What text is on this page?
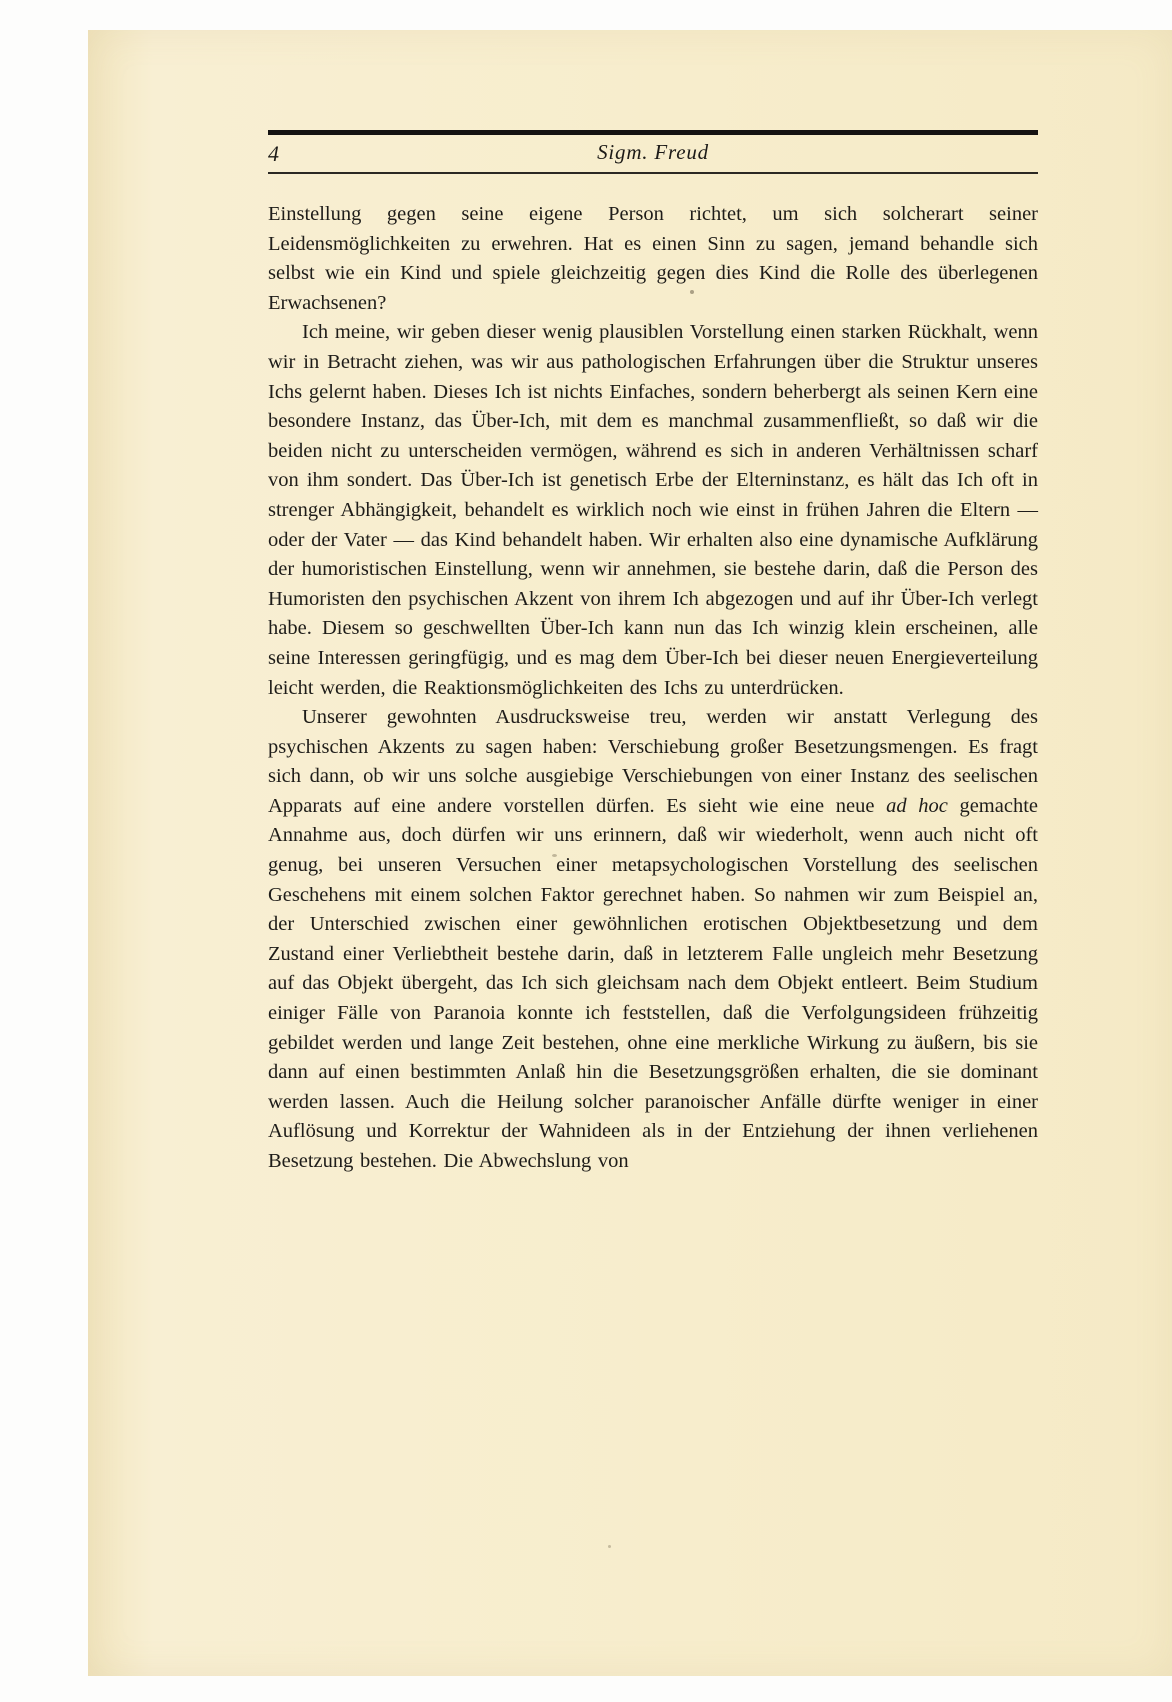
4	Sigm. Freud

Einstellung gegen seine eigene Person richtet, um sich solcherart seiner Leidensmöglichkeiten zu erwehren. Hat es einen Sinn zu sagen, jemand behandle sich selbst wie ein Kind und spiele gleichzeitig gegen dies Kind die Rolle des überlegenen Erwachsenen?

Ich meine, wir geben dieser wenig plausiblen Vorstellung einen starken Rückhalt, wenn wir in Betracht ziehen, was wir aus pathologischen Erfahrungen über die Struktur unseres Ichs gelernt haben. Dieses Ich ist nichts Einfaches, sondern beherbergt als seinen Kern eine besondere Instanz, das Über-Ich, mit dem es manchmal zusammenfließt, so daß wir die beiden nicht zu unterscheiden vermögen, während es sich in anderen Verhältnissen scharf von ihm sondert. Das Über-Ich ist genetisch Erbe der Elterninstanz, es hält das Ich oft in strenger Abhängigkeit, behandelt es wirklich noch wie einst in frühen Jahren die Eltern — oder der Vater — das Kind behandelt haben. Wir erhalten also eine dynamische Aufklärung der humoristischen Einstellung, wenn wir annehmen, sie bestehe darin, daß die Person des Humoristen den psychischen Akzent von ihrem Ich abgezogen und auf ihr Über-Ich verlegt habe. Diesem so geschwellten Über-Ich kann nun das Ich winzig klein erscheinen, alle seine Interessen geringfügig, und es mag dem Über-Ich bei dieser neuen Energieverteilung leicht werden, die Reaktionsmöglichkeiten des Ichs zu unterdrücken.

Unserer gewohnten Ausdrucksweise treu, werden wir anstatt Verlegung des psychischen Akzents zu sagen haben: Verschiebung großer Besetzungsmengen. Es fragt sich dann, ob wir uns solche ausgiebige Verschiebungen von einer Instanz des seelischen Apparats auf eine andere vorstellen dürfen. Es sieht wie eine neue ad hoc gemachte Annahme aus, doch dürfen wir uns erinnern, daß wir wiederholt, wenn auch nicht oft genug, bei unseren Versuchen einer metapsychologischen Vorstellung des seelischen Geschehens mit einem solchen Faktor gerechnet haben. So nahmen wir zum Beispiel an, der Unterschied zwischen einer gewöhnlichen erotischen Objektbesetzung und dem Zustand einer Verliebtheit bestehe darin, daß in letzterem Falle ungleich mehr Besetzung auf das Objekt übergeht, das Ich sich gleichsam nach dem Objekt entleert. Beim Studium einiger Fälle von Paranoia konnte ich feststellen, daß die Verfolgungsideen frühzeitig gebildet werden und lange Zeit bestehen, ohne eine merkliche Wirkung zu äußern, bis sie dann auf einen bestimmten Anlaß hin die Besetzungsgrößen erhalten, die sie dominant werden lassen. Auch die Heilung solcher paranoischer Anfälle dürfte weniger in einer Auflösung und Korrektur der Wahnideen als in der Entziehung der ihnen verliehenen Besetzung bestehen. Die Abwechslung von
